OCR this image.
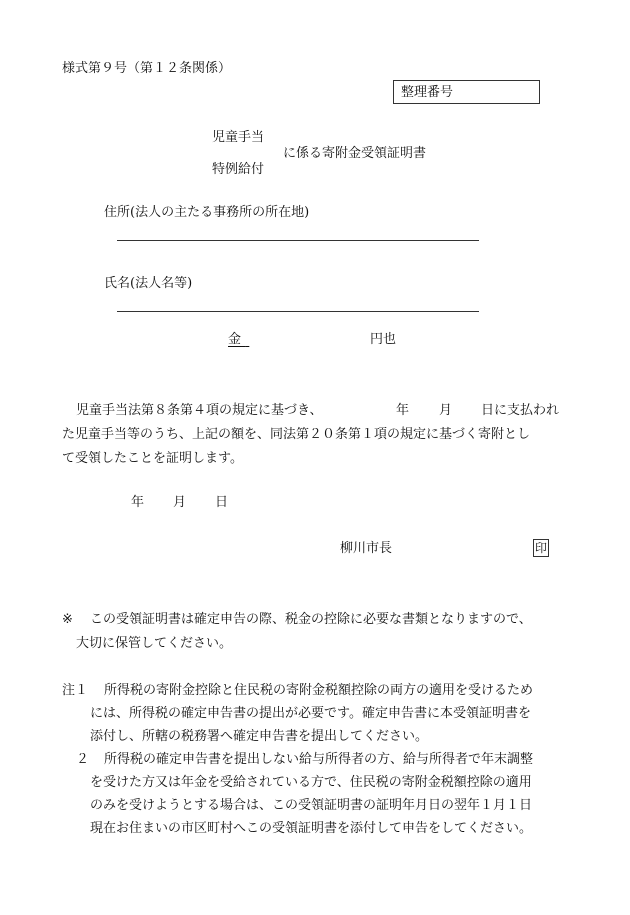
様式第９号（第１２条関係）
整理番号
児童手当
に係る寄附金受領証明書
特例給付
住所(法人の主たる事務所の所在地)
氏名(法人名等)
金	円也

児童手当法第８条第４項の規定に基づき、	年 月 日に支払われ
た児童手当等のうち、上記の額を、同法第２０条第１項の規定に基づく寄附とし
て受領したことを証明します。
年 月 日
柳川市長	印
※ この受領証明書は確定申告の際、税金の控除に必要な書類となりますので、
大切に保管してください。
注１ 所得税の寄附金控除と住民税の寄附金税額控除の両方の適用を受けるため
には、所得税の確定申告書の提出が必要です。確定申告書に本受領証明書を
添付し、所轄の税務署へ確定申告書を提出してください。
２ 所得税の確定申告書を提出しない給与所得者の方、給与所得者で年末調整
を受けた方又は年金を受給されている方で、住民税の寄附金税額控除の適用
のみを受けようとする場合は、この受領証明書の証明年月日の翌年１月１日
現在お住まいの市区町村へこの受領証明書を添付して申告をしてください。
